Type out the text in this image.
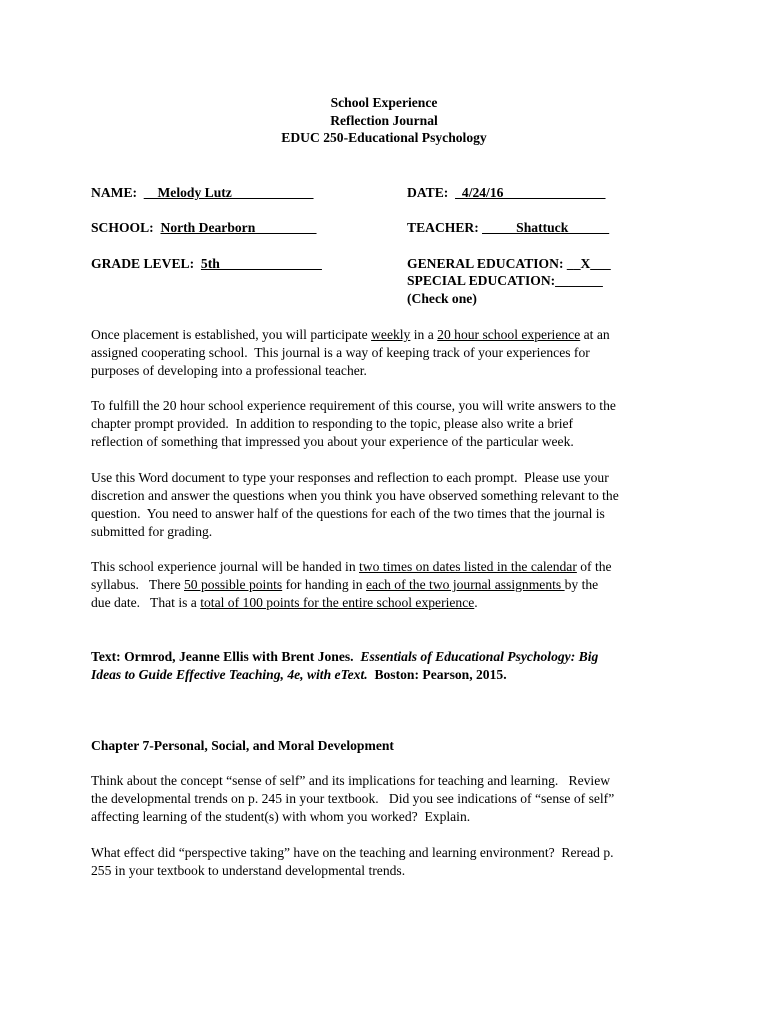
School Experience
Reflection Journal
EDUC 250-Educational Psychology
NAME: __Melody Lutz____________	DATE: _4/24/16_______________
SCHOOL: North Dearborn_________	TEACHER: _____Shattuck______
GRADE LEVEL: 5th_______________	GENERAL EDUCATION: __X___
SPECIAL EDUCATION:_______
(Check one)
Once placement is established, you will participate weekly in a 20 hour school experience at an
assigned cooperating school.  This journal is a way of keeping track of your experiences for
purposes of developing into a professional teacher.
To fulfill the 20 hour school experience requirement of this course, you will write answers to the
chapter prompt provided.  In addition to responding to the topic, please also write a brief
reflection of something that impressed you about your experience of the particular week.
Use this Word document to type your responses and reflection to each prompt.  Please use your
discretion and answer the questions when you think you have observed something relevant to the
question.  You need to answer half of the questions for each of the two times that the journal is
submitted for grading.
This school experience journal will be handed in two times on dates listed in the calendar of the
syllabus.   There 50 possible points for handing in each of the two journal assignments by the
due date.   That is a total of 100 points for the entire school experience.
Text: Ormrod, Jeanne Ellis with Brent Jones.  Essentials of Educational Psychology: Big
Ideas to Guide Effective Teaching, 4e, with eText.  Boston: Pearson, 2015.
Chapter 7-Personal, Social, and Moral Development
Think about the concept “sense of self” and its implications for teaching and learning.   Review
the developmental trends on p. 245 in your textbook.   Did you see indications of “sense of self”
affecting learning of the student(s) with whom you worked?  Explain.
What effect did “perspective taking” have on the teaching and learning environment?  Reread p.
255 in your textbook to understand developmental trends.
